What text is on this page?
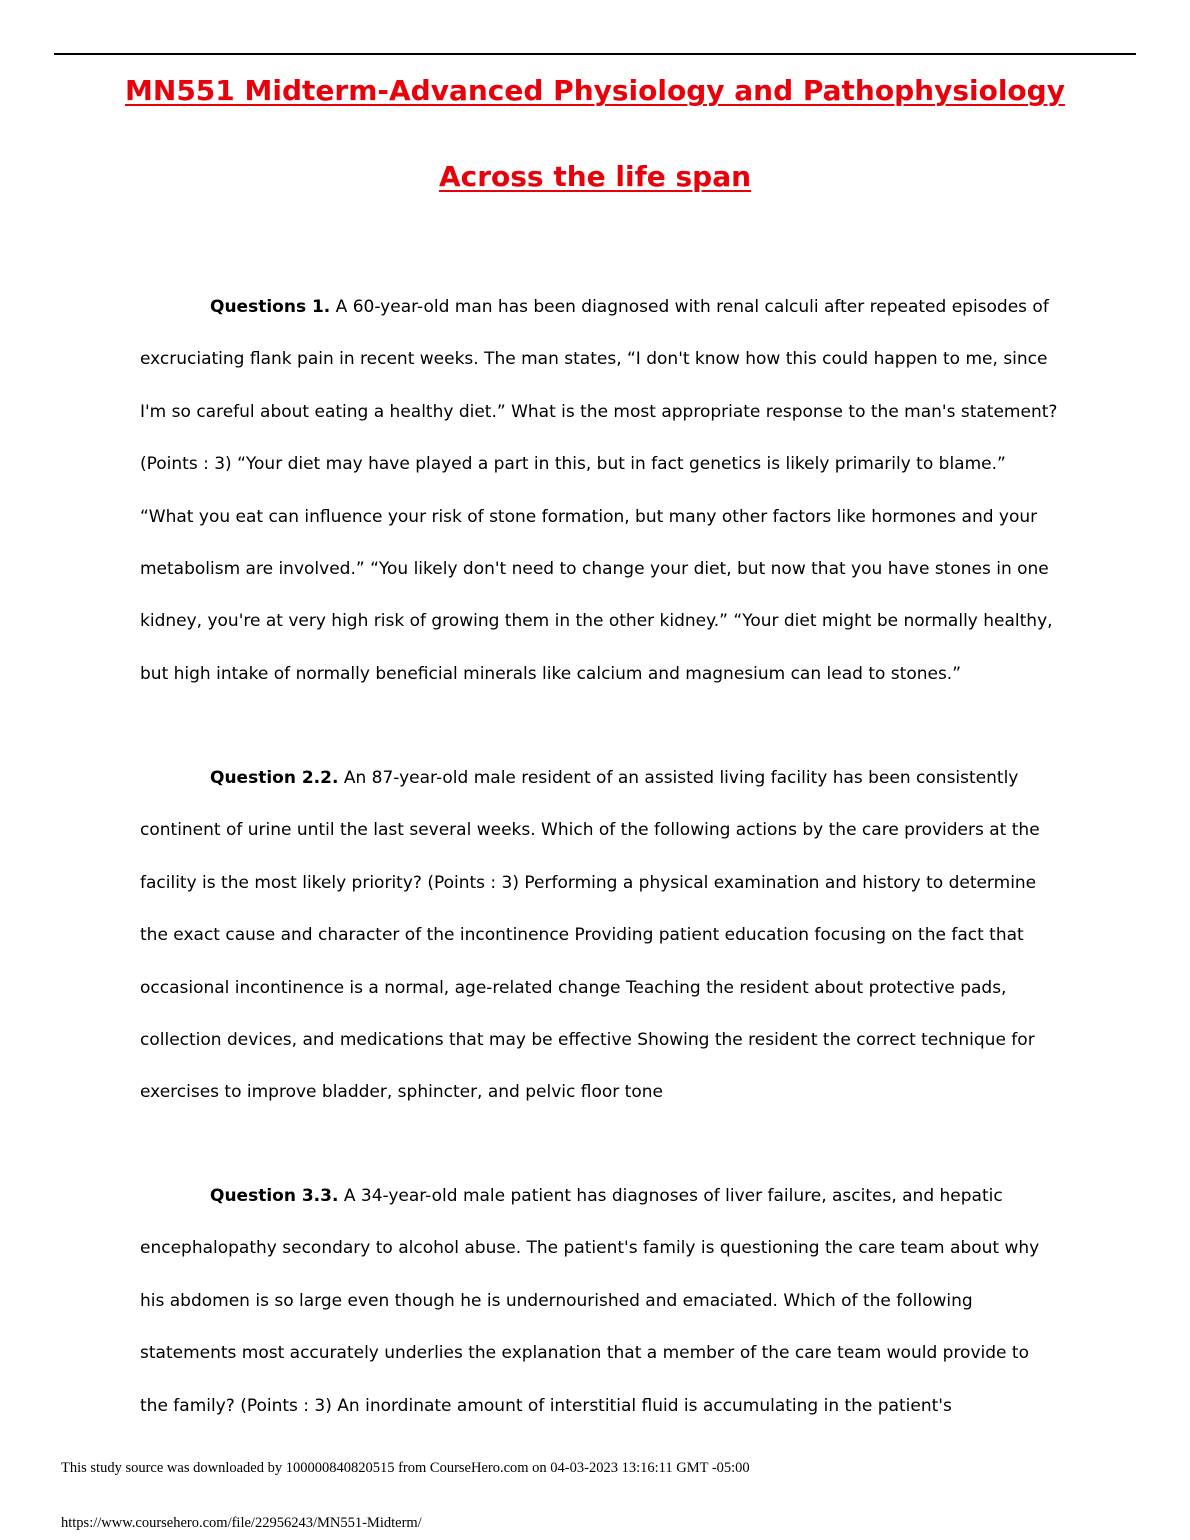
MN551 Midterm-Advanced Physiology and Pathophysiology
Across the life span

Questions 1. A 60-year-old man has been diagnosed with renal calculi after repeated episodes of excruciating flank pain in recent weeks. The man states, “I don't know how this could happen to me, since I'm so careful about eating a healthy diet.” What is the most appropriate response to the man's statement? (Points : 3) “Your diet may have played a part in this, but in fact genetics is likely primarily to blame.” “What you eat can influence your risk of stone formation, but many other factors like hormones and your metabolism are involved.” “You likely don't need to change your diet, but now that you have stones in one kidney, you're at very high risk of growing them in the other kidney.” “Your diet might be normally healthy, but high intake of normally beneficial minerals like calcium and magnesium can lead to stones.”

Question 2.2. An 87-year-old male resident of an assisted living facility has been consistently continent of urine until the last several weeks. Which of the following actions by the care providers at the facility is the most likely priority? (Points : 3) Performing a physical examination and history to determine the exact cause and character of the incontinence Providing patient education focusing on the fact that occasional incontinence is a normal, age-related change Teaching the resident about protective pads, collection devices, and medications that may be effective Showing the resident the correct technique for exercises to improve bladder, sphincter, and pelvic floor tone

Question 3.3. A 34-year-old male patient has diagnoses of liver failure, ascites, and hepatic encephalopathy secondary to alcohol abuse. The patient's family is questioning the care team about why his abdomen is so large even though he is undernourished and emaciated. Which of the following statements most accurately underlies the explanation that a member of the care team would provide to the family? (Points : 3) An inordinate amount of interstitial fluid is accumulating in the patient's

This study source was downloaded by 100000840820515 from CourseHero.com on 04-03-2023 13:16:11 GMT -05:00
https://www.coursehero.com/file/22956243/MN551-Midterm/
